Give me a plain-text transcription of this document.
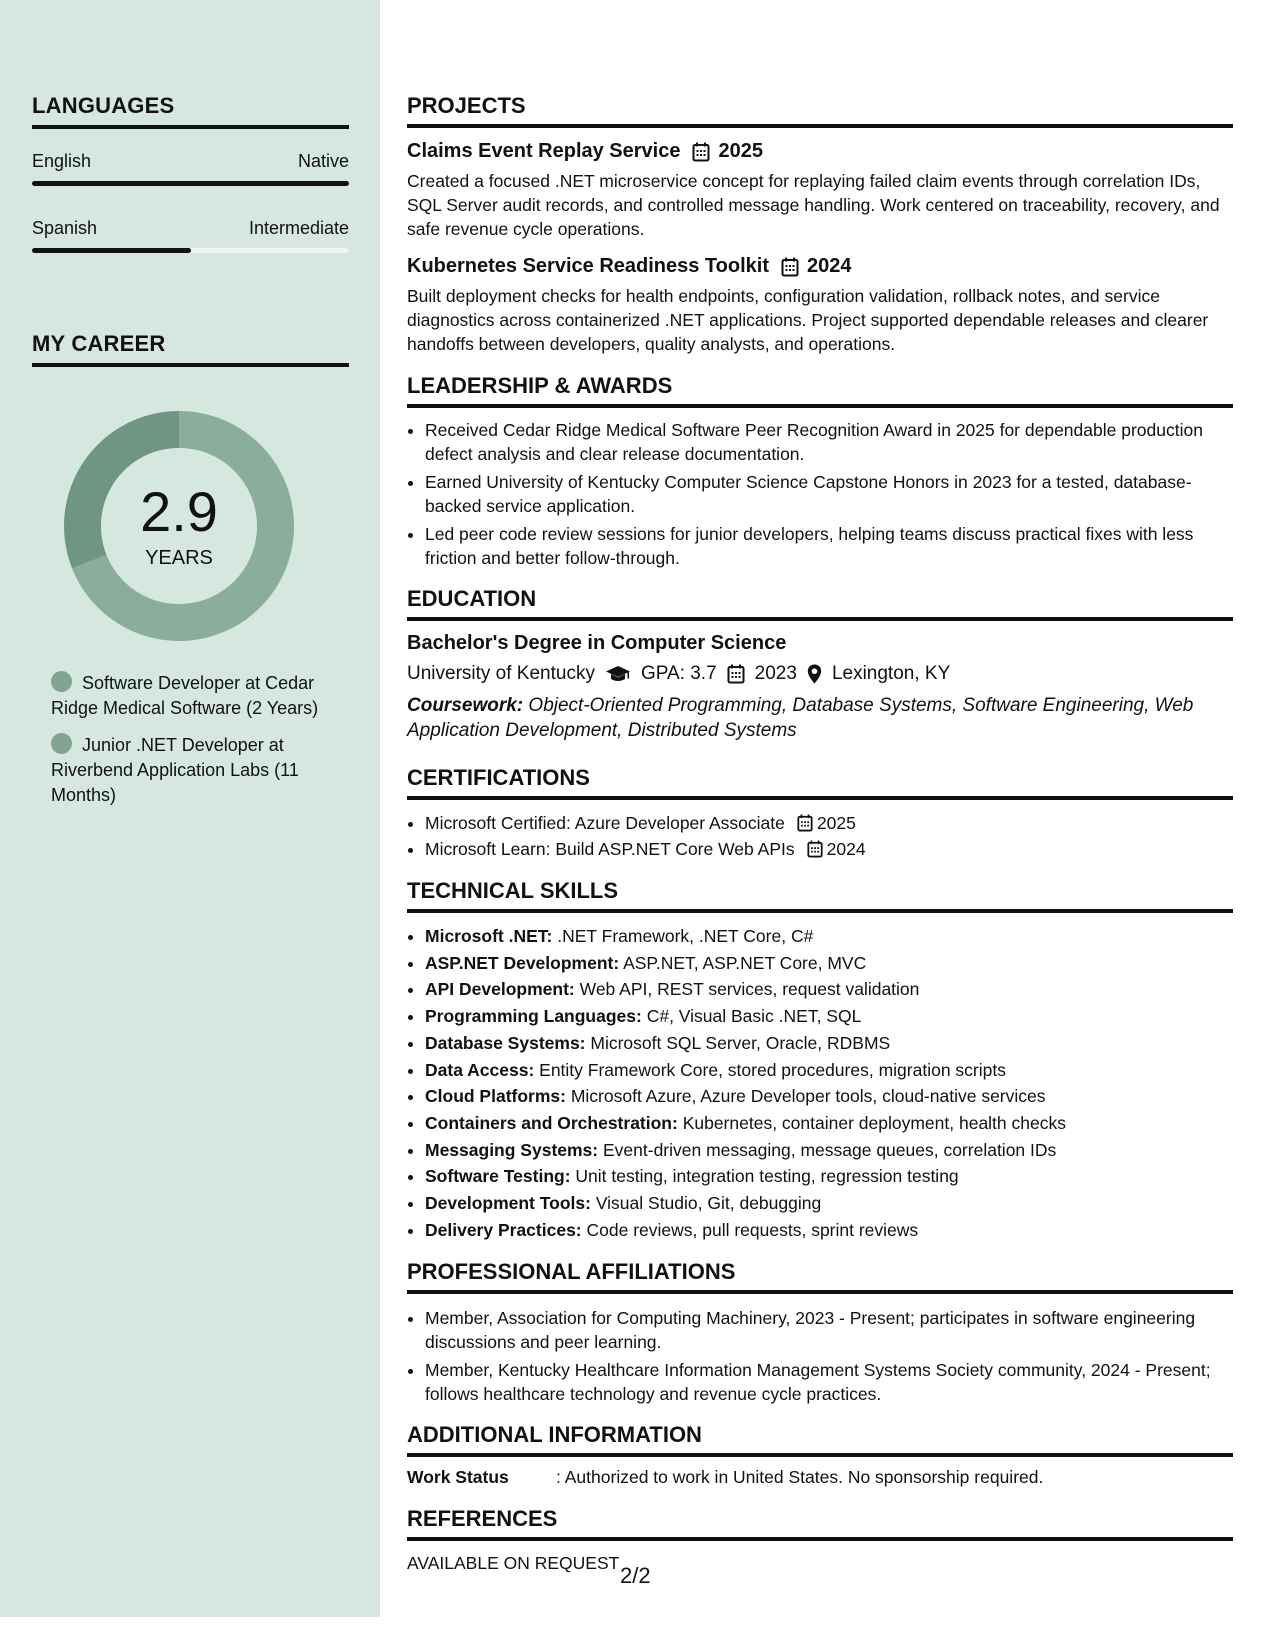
LANGUAGES
English	Native
Spanish	Intermediate
MY CAREER
2.9
YEARS
Software Developer at Cedar Ridge Medical Software (2 Years)
Junior .NET Developer at Riverbend Application Labs (11 Months)
PROJECTS
Claims Event Replay Service 2025
Created a focused .NET microservice concept for replaying failed claim events through correlation IDs, SQL Server audit records, and controlled message handling. Work centered on traceability, recovery, and safe revenue cycle operations.
Kubernetes Service Readiness Toolkit 2024
Built deployment checks for health endpoints, configuration validation, rollback notes, and service diagnostics across containerized .NET applications. Project supported dependable releases and clearer handoffs between developers, quality analysts, and operations.
LEADERSHIP & AWARDS
• Received Cedar Ridge Medical Software Peer Recognition Award in 2025 for dependable production defect analysis and clear release documentation.
• Earned University of Kentucky Computer Science Capstone Honors in 2023 for a tested, database-backed service application.
• Led peer code review sessions for junior developers, helping teams discuss practical fixes with less friction and better follow-through.
EDUCATION
Bachelor's Degree in Computer Science
University of Kentucky GPA: 3.7 2023 Lexington, KY
Coursework: Object-Oriented Programming, Database Systems, Software Engineering, Web Application Development, Distributed Systems
CERTIFICATIONS
• Microsoft Certified: Azure Developer Associate 2025
• Microsoft Learn: Build ASP.NET Core Web APIs 2024
TECHNICAL SKILLS
• Microsoft .NET: .NET Framework, .NET Core, C#
• ASP.NET Development: ASP.NET, ASP.NET Core, MVC
• API Development: Web API, REST services, request validation
• Programming Languages: C#, Visual Basic .NET, SQL
• Database Systems: Microsoft SQL Server, Oracle, RDBMS
• Data Access: Entity Framework Core, stored procedures, migration scripts
• Cloud Platforms: Microsoft Azure, Azure Developer tools, cloud-native services
• Containers and Orchestration: Kubernetes, container deployment, health checks
• Messaging Systems: Event-driven messaging, message queues, correlation IDs
• Software Testing: Unit testing, integration testing, regression testing
• Development Tools: Visual Studio, Git, debugging
• Delivery Practices: Code reviews, pull requests, sprint reviews
PROFESSIONAL AFFILIATIONS
• Member, Association for Computing Machinery, 2023 - Present; participates in software engineering discussions and peer learning.
• Member, Kentucky Healthcare Information Management Systems Society community, 2024 - Present; follows healthcare technology and revenue cycle practices.
ADDITIONAL INFORMATION
Work Status	: Authorized to work in United States. No sponsorship required.
REFERENCES
AVAILABLE ON REQUEST 2/2
